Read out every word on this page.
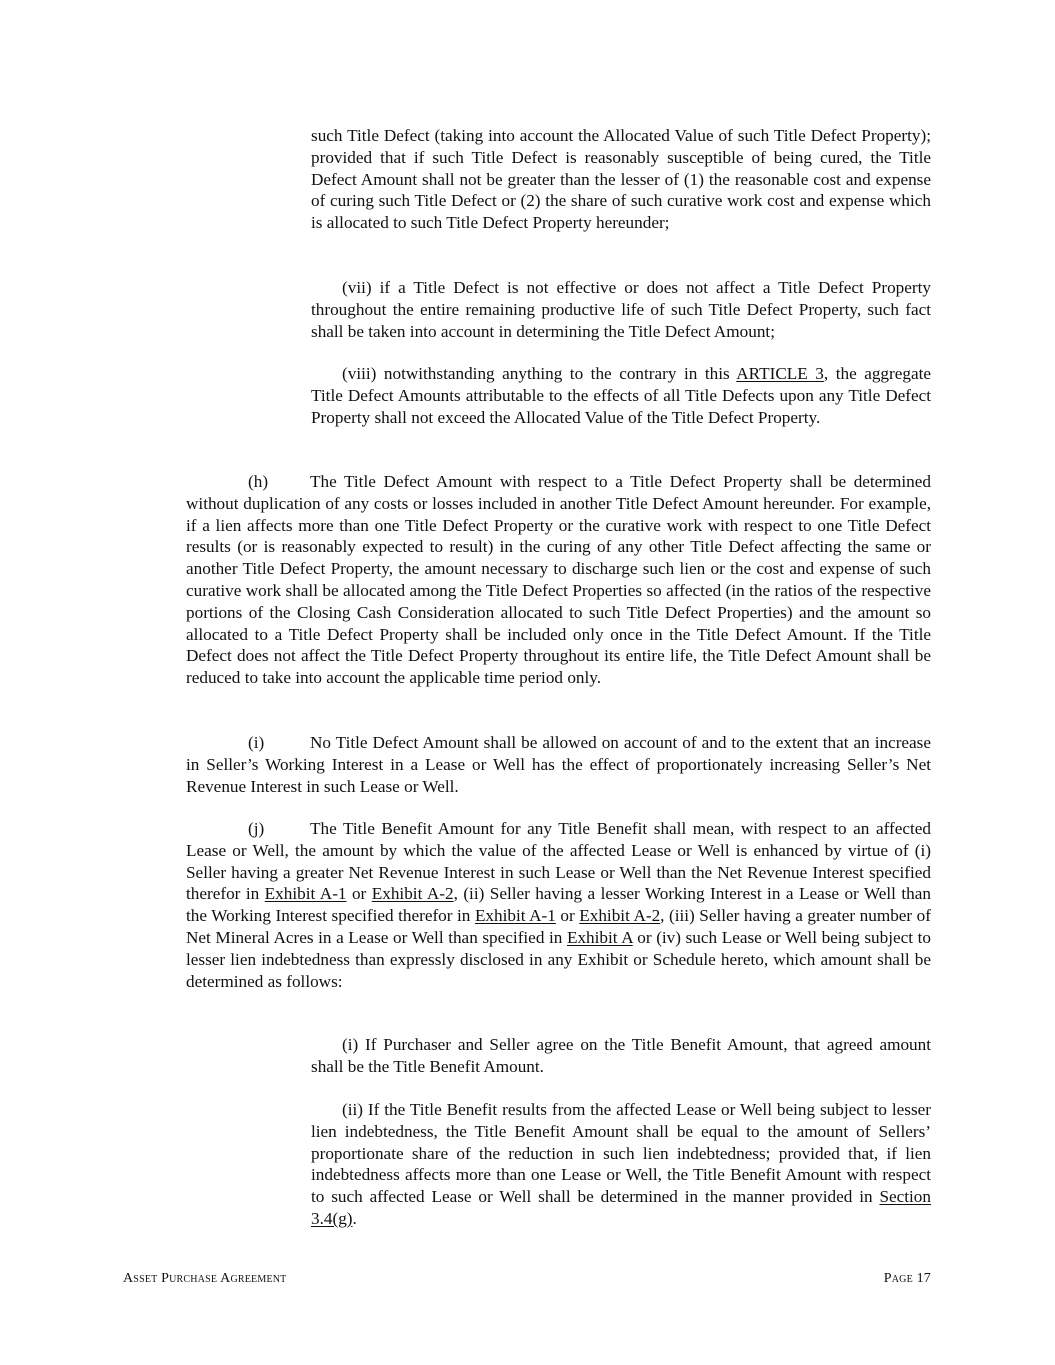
such Title Defect (taking into account the Allocated Value of such Title Defect Property); provided that if such Title Defect is reasonably susceptible of being cured, the Title Defect Amount shall not be greater than the lesser of (1) the reasonable cost and expense of curing such Title Defect or (2) the share of such curative work cost and expense which is allocated to such Title Defect Property hereunder;

(vii) if a Title Defect is not effective or does not affect a Title Defect Property throughout the entire remaining productive life of such Title Defect Property, such fact shall be taken into account in determining the Title Defect Amount;

(viii) notwithstanding anything to the contrary in this ARTICLE 3, the aggregate Title Defect Amounts attributable to the effects of all Title Defects upon any Title Defect Property shall not exceed the Allocated Value of the Title Defect Property.

(h) The Title Defect Amount with respect to a Title Defect Property shall be determined without duplication of any costs or losses included in another Title Defect Amount hereunder. For example, if a lien affects more than one Title Defect Property or the curative work with respect to one Title Defect results (or is reasonably expected to result) in the curing of any other Title Defect affecting the same or another Title Defect Property, the amount necessary to discharge such lien or the cost and expense of such curative work shall be allocated among the Title Defect Properties so affected (in the ratios of the respective portions of the Closing Cash Consideration allocated to such Title Defect Properties) and the amount so allocated to a Title Defect Property shall be included only once in the Title Defect Amount. If the Title Defect does not affect the Title Defect Property throughout its entire life, the Title Defect Amount shall be reduced to take into account the applicable time period only.

(i)	No Title Defect Amount shall be allowed on account of and to the extent that an increase in Seller’s Working Interest in a Lease or Well has the effect of proportionately increasing Seller’s Net Revenue Interest in such Lease or Well.

(j)	The Title Benefit Amount for any Title Benefit shall mean, with respect to an affected Lease or Well, the amount by which the value of the affected Lease or Well is enhanced by virtue of (i) Seller having a greater Net Revenue Interest in such Lease or Well than the Net Revenue Interest specified therefor in Exhibit A-1 or Exhibit A-2, (ii) Seller having a lesser Working Interest in a Lease or Well than the Working Interest specified therefor in Exhibit A-1 or Exhibit A-2, (iii) Seller having a greater number of Net Mineral Acres in a Lease or Well than specified in Exhibit A or (iv) such Lease or Well being subject to lesser lien indebtedness than expressly disclosed in any Exhibit or Schedule hereto, which amount shall be determined as follows:

(i) If Purchaser and Seller agree on the Title Benefit Amount, that agreed amount shall be the Title Benefit Amount.

(ii) If the Title Benefit results from the affected Lease or Well being subject to lesser lien indebtedness, the Title Benefit Amount shall be equal to the amount of Sellers’ proportionate share of the reduction in such lien indebtedness; provided that, if lien indebtedness affects more than one Lease or Well, the Title Benefit Amount with respect to such affected Lease or Well shall be determined in the manner provided in Section 3.4(g).

Asset Purchase Agreement	Page 17
